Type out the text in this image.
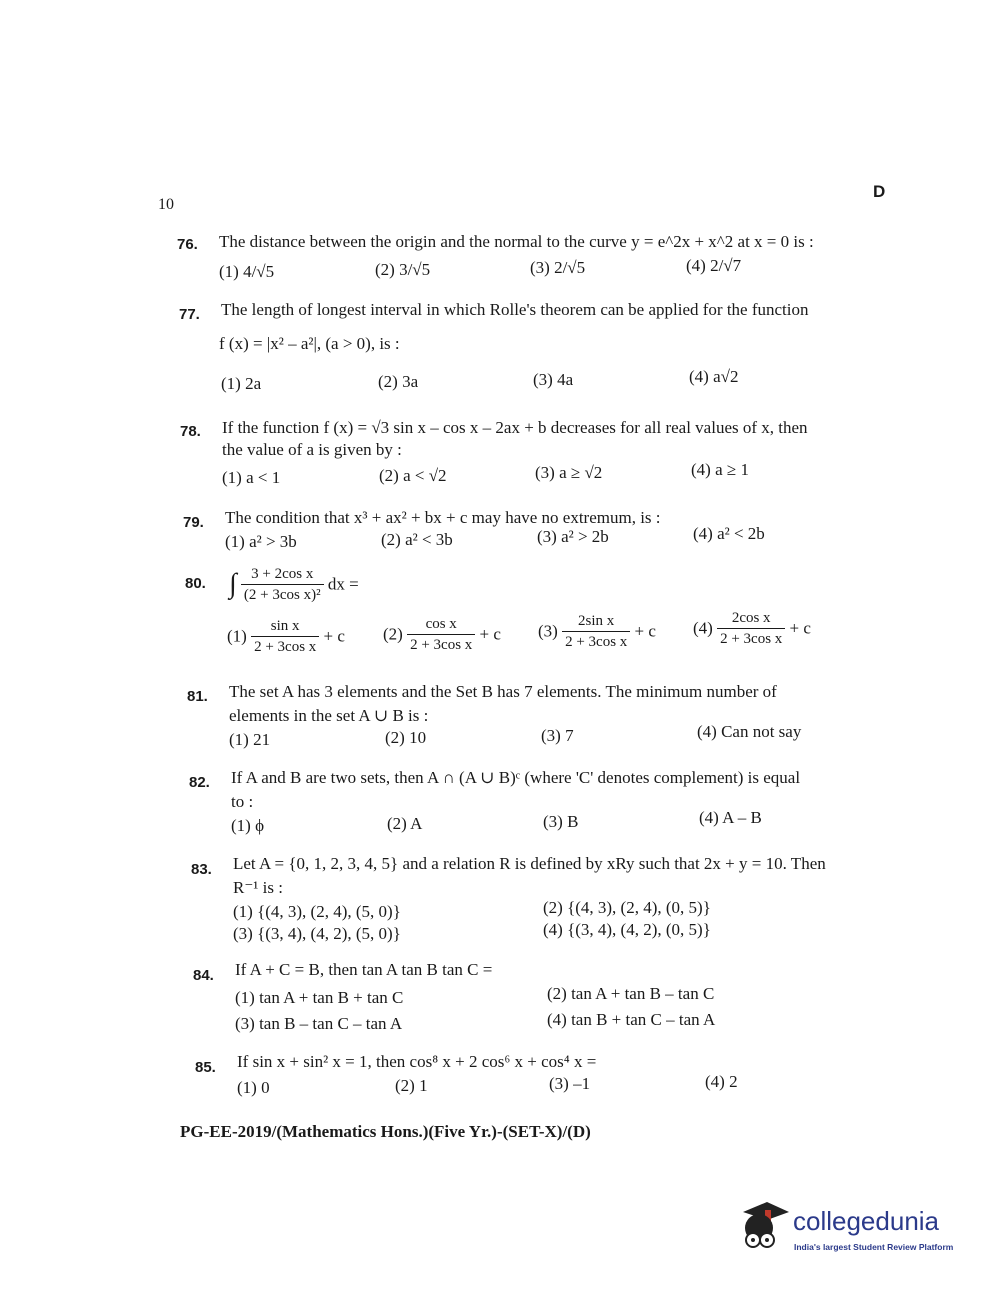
10
D
76. The distance between the origin and the normal to the curve y = e^2x + x^2 at x = 0 is :
(1) 4/√5	(2) 3/√5	(3) 2/√5	(4) 2/√7
77. The length of longest interval in which Rolle's theorem can be applied for the function
f (x) = |x² – a²|, (a > 0), is :
(1) 2a	(2) 3a	(3) 4a	(4) a√2
78. If the function f (x) = √3 sin x – cos x – 2ax + b decreases for all real values of x, then
the value of a is given by :
(1) a < 1	(2) a < √2	(3) a ≥ √2	(4) a ≥ 1
79. The condition that x³ + ax² + bx + c may have no extremum, is :
(1) a² > 3b	(2) a² < 3b	(3) a² > 2b	(4) a² < 2b
80. ∫ $\frac{\text{3 + 2cos x}}{\text{(2 + 3cos x)²}}$ dx =
$(1) \frac{\text{sin x}}{\text{2 + 3cos x}} + c$ $(2) \frac{\text{cos x}}{\text{2 + 3cos x}} + c$ $(3) \frac{\text{2sin x}}{\text{2 + 3cos x}} + c$ $(4) \frac{\text{2cos x}}{\text{2 + 3cos x}} + c$
81. The set A has 3 elements and the Set B has 7 elements. The minimum number of
elements in the set A ∪ B is :
(1) 21	(2) 10	(3) 7	(4) Can not say
82. If A and B are two sets, then A ∩ (A ∪ B)ᶜ (where 'C' denotes complement) is equal
to :
(1) ϕ	(2) A	(3) B	(4) A – B
83. Let A = {0, 1, 2, 3, 4, 5} and a relation R is defined by xRy such that 2x + y = 10. Then
R⁻¹ is :
(1) {(4, 3), (2, 4), (5, 0)}	(2) {(4, 3), (2, 4), (0, 5)}
(3) {(3, 4), (4, 2), (5, 0)}	(4) {(3, 4), (4, 2), (0, 5)}
84. If A + C = B, then tan A tan B tan C =
(1) tan A + tan B + tan C	(2) tan A + tan B – tan C
(3) tan B – tan C – tan A	(4) tan B + tan C – tan A
85. If sin x + sin² x = 1, then cos⁸ x + 2 cos⁶ x + cos⁴ x =
(1) 0	(2) 1	(3) –1	(4) 2
PG-EE-2019/(Mathematics Hons.)(Five Yr.)-(SET-X)/(D)
collegedunia
India's largest Student Review Platform
